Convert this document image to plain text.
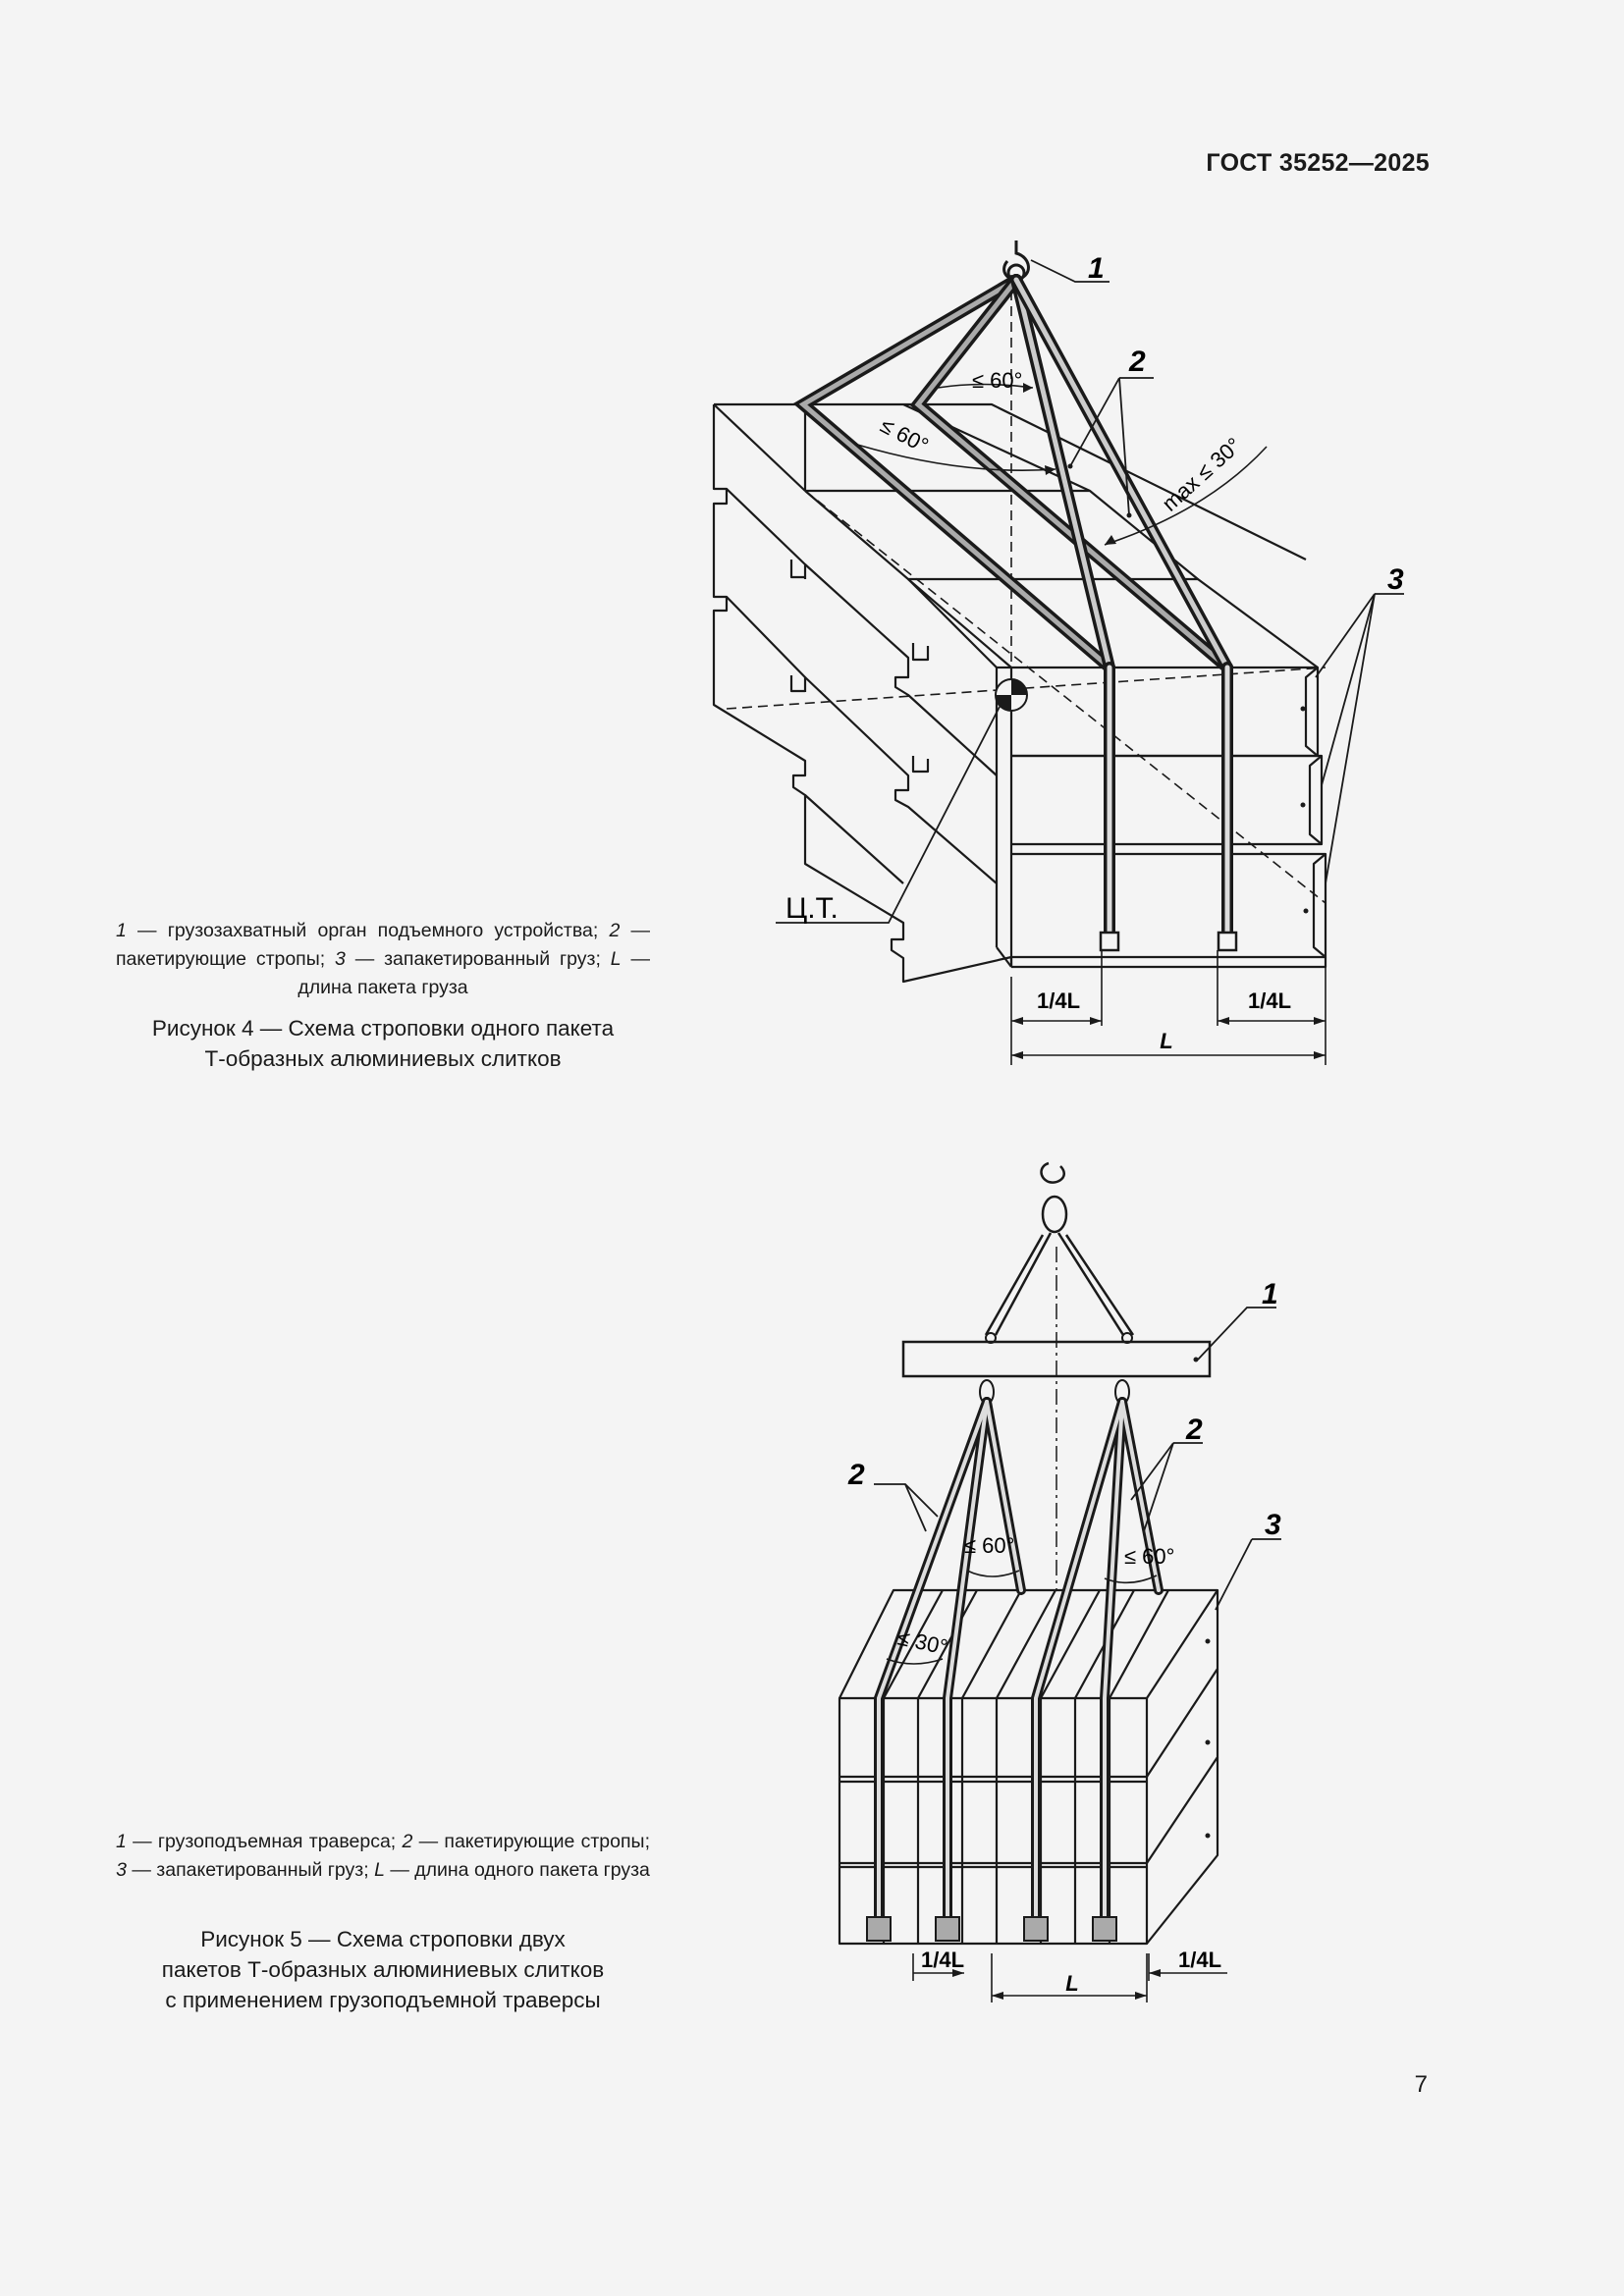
ГОСТ 35252—2025
≤ 60°
≤ 60°	max ≤ 30°
1
2
3
Ц.Т.
1/4L	1/4L
L
1 — грузозахватный орган подъемного устройства; 2 — пакетирующие стропы; 3 — запакетированный груз; L — длина пакета груза
Рисунок 4 — Схема строповки одного пакета
Т-образных алюминиевых слитков
≤ 60°	≤ 60°
≤ 30°
1
2
2
3
1/4L	1/4L
L
1 — грузоподъемная траверса; 2 — пакетирующие стропы; 3 — запакетированный груз; L — длина одного пакета груза
Рисунок 5 — Схема строповки двух
пакетов Т-образных алюминиевых слитков
с применением грузоподъемной траверсы
7
